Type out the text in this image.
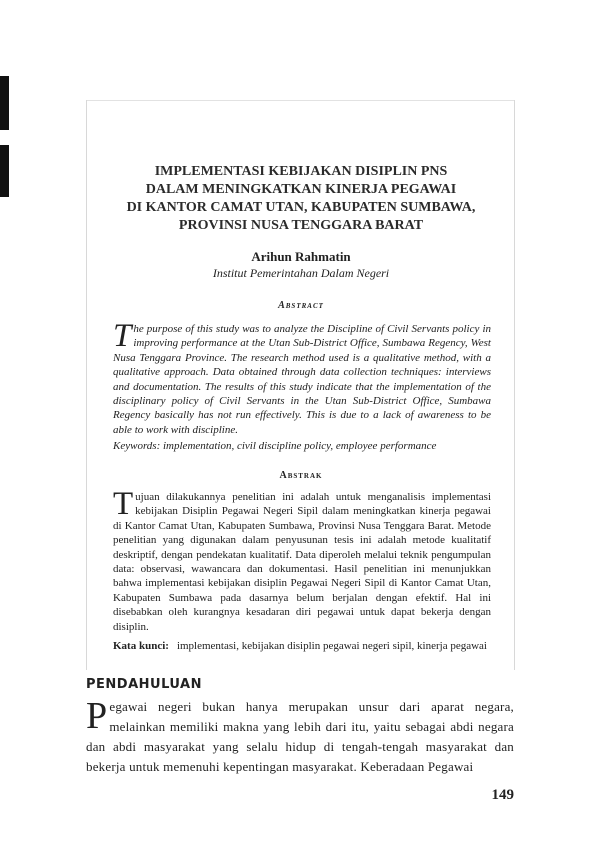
IMPLEMENTASI KEBIJAKAN DISIPLIN PNS
DALAM MENINGKATKAN KINERJA PEGAWAI
DI KANTOR CAMAT UTAN, KABUPATEN SUMBAWA,
PROVINSI NUSA TENGGARA BARAT
Arihun Rahmatin
Institut Pemerintahan Dalam Negeri
Abstract

The purpose of this study was to analyze the Discipline of Civil Servants policy in improving performance at the Utan Sub-District Office, Sumbawa Regency, West Nusa Tenggara Province. The research method used is a qualitative method, with a qualitative approach. Data obtained through data collection techniques: interviews and documentation. The results of this study indicate that the implementation of the disciplinary policy of Civil Servants in the Utan Sub-District Office, Sumbawa Regency basically has not run effectively. This is due to a lack of awareness to be able to work with discipline.

Keywords: implementation, civil discipline policy, employee performance
Abstrak

Tujuan dilakukannya penelitian ini adalah untuk menganalisis implementasi kebijakan Disiplin Pegawai Negeri Sipil dalam meningkatkan kinerja pegawai di Kantor Camat Utan, Kabupaten Sumbawa, Provinsi Nusa Tenggara Barat. Metode penelitian yang digunakan dalam penyusunan tesis ini adalah metode kualitatif deskriptif, dengan pendekatan kualitatif. Data diperoleh melalui teknik pengumpulan data: observasi, wawancara dan dokumentasi. Hasil penelitian ini menunjukkan bahwa implementasi kebijakan disiplin Pegawai Negeri Sipil di Kantor Camat Utan, Kabupaten Sumbawa pada dasarnya belum berjalan dengan efektif. Hal ini disebabkan oleh kurangnya kesadaran diri pegawai untuk dapat bekerja dengan disiplin.

Kata kunci: implementasi, kebijakan disiplin pegawai negeri sipil, kinerja pegawai
PENDAHULUAN

Pegawai negeri bukan hanya merupakan unsur dari aparat negara, melainkan memiliki makna yang lebih dari itu, yaitu sebagai abdi negara dan abdi masyarakat yang selalu hidup di tengah-tengah masyarakat dan bekerja untuk memenuhi kepentingan masyarakat. Keberadaan Pegawai

149
